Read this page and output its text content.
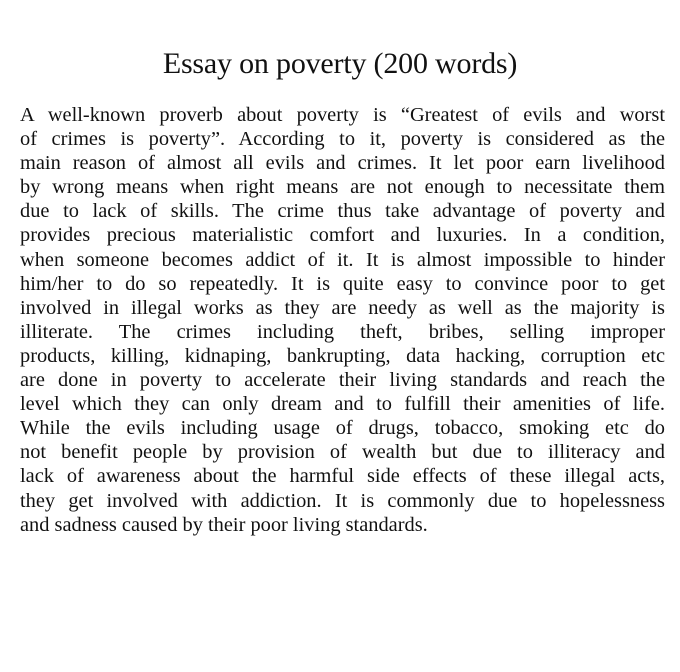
Essay on poverty (200 words)
A well-known proverb about poverty is “Greatest of evils and worst
of crimes is poverty”. According to it, poverty is considered as the
main reason of almost all evils and crimes. It let poor earn livelihood
by wrong means when right means are not enough to necessitate them
due to lack of skills. The crime thus take advantage of poverty and
provides precious materialistic comfort and luxuries. In a condition,
when someone becomes addict of it. It is almost impossible to hinder
him/her to do so repeatedly. It is quite easy to convince poor to get
involved in illegal works as they are needy as well as the majority is
illiterate. The crimes including theft, bribes, selling improper
products, killing, kidnaping, bankrupting, data hacking, corruption etc
are done in poverty to accelerate their living standards and reach the
level which they can only dream and to fulfill their amenities of life.
While the evils including usage of drugs, tobacco, smoking etc do
not benefit people by provision of wealth but due to illiteracy and
lack of awareness about the harmful side effects of these illegal acts,
they get involved with addiction. It is commonly due to hopelessness
and sadness caused by their poor living standards.
